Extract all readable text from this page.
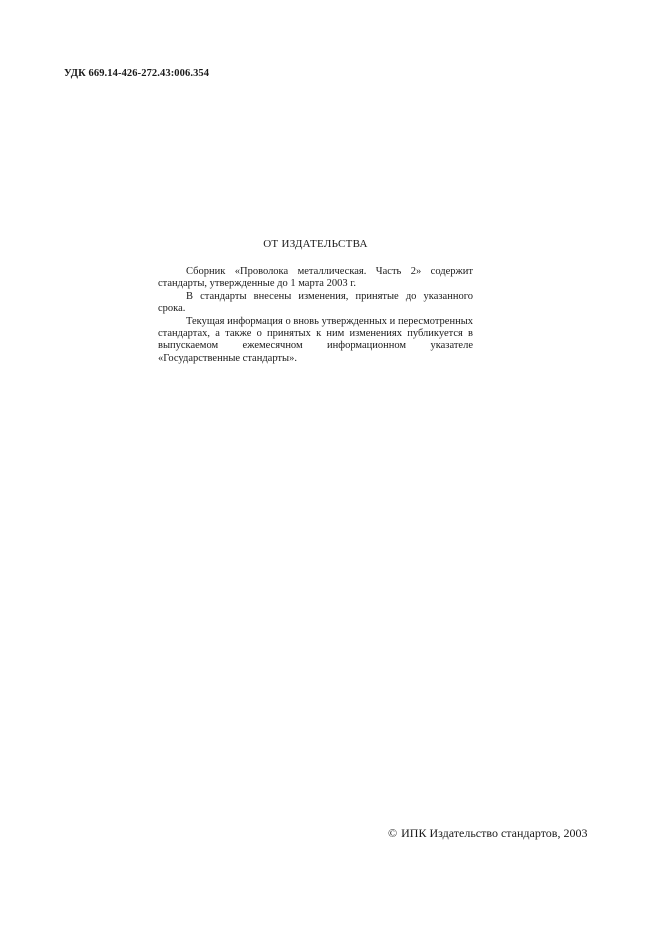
УДК 669.14-426-272.43:006.354
ОТ ИЗДАТЕЛЬСТВА

Сборник «Проволока металлическая. Часть 2» содержит стандарты, утвержденные до 1 марта 2003 г.

В стандарты внесены изменения, принятые до указанного срока.

Текущая информация о вновь утвержденных и пересмотренных стандартах, а также о принятых к ним изменениях публикуется в выпускаемом ежемесячном информационном указателе «Государственные стандарты».

© ИПК Издательство стандартов, 2003
